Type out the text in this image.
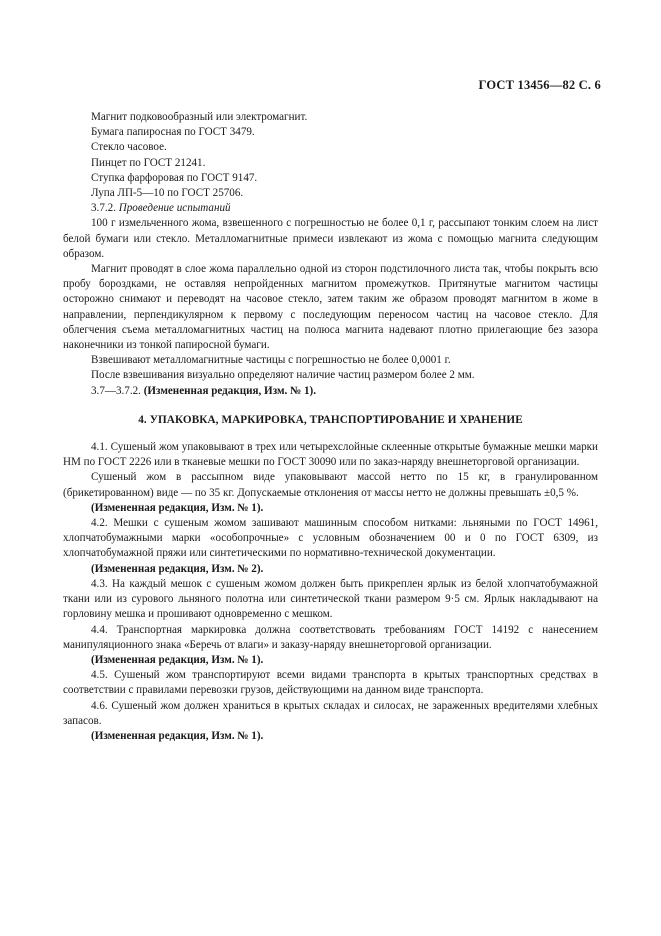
ГОСТ 13456—82 С. 6
Магнит подковообразный или электромагнит.
Бумага папиросная по ГОСТ 3479.
Стекло часовое.
Пинцет по ГОСТ 21241.
Ступка фарфоровая по ГОСТ 9147.
Лупа ЛП-5—10 по ГОСТ 25706.
3.7.2. Проведение испытаний

100 г измельченного жома, взвешенного с погрешностью не более 0,1 г, рассыпают тонким слоем на лист белой бумаги или стекло. Металломагнитные примеси извлекают из жома с помощью магнита следующим образом.

Магнит проводят в слое жома параллельно одной из сторон подстилочного листа так, чтобы покрыть всю пробу бороздками, не оставляя непройденных магнитом промежутков. Притянутые магнитом частицы осторожно снимают и переводят на часовое стекло, затем таким же образом проводят магнитом в жоме в направлении, перпендикулярном к первому с последующим переносом частиц на часовое стекло. Для облегчения съема металломагнитных частиц на полюса магнита надевают плотно прилегающие без зазора наконечники из тонкой папиросной бумаги.

Взвешивают металломагнитные частицы с погрешностью не более 0,0001 г.

После взвешивания визуально определяют наличие частиц размером более 2 мм.

3.7—3.7.2. (Измененная редакция, Изм. № 1).

4. УПАКОВКА, МАРКИРОВКА, ТРАНСПОРТИРОВАНИЕ И ХРАНЕНИЕ

4.1. Сушеный жом упаковывают в трех или четырехслойные склеенные открытые бумажные мешки марки НМ по ГОСТ 2226 или в тканевые мешки по ГОСТ 30090 или по заказ-наряду внешнеторговой организации.

Сушеный жом в рассыпном виде упаковывают массой нетто по 15 кг, в гранулированном (брикетированном) виде — по 35 кг. Допускаемые отклонения от массы нетто не должны превышать ±0,5 %.

(Измененная редакция, Изм. № 1).

4.2. Мешки с сушеным жомом зашивают машинным способом нитками: льняными по ГОСТ 14961, хлопчатобумажными марки «особопрочные» с условным обозначением 00 и 0 по ГОСТ 6309, из хлопчатобумажной пряжи или синтетическими по нормативно-технической документации.

(Измененная редакция, Изм. № 2).

4.3. На каждый мешок с сушеным жомом должен быть прикреплен ярлык из белой хлопчатобумажной ткани или из сурового льняного полотна или синтетической ткани размером 9·5 см. Ярлык накладывают на горловину мешка и прошивают одновременно с мешком.

4.4. Транспортная маркировка должна соответствовать требованиям ГОСТ 14192 с нанесением манипуляционного знака «Беречь от влаги» и заказу-наряду внешнеторговой организации.

(Измененная редакция, Изм. № 1).

4.5. Сушеный жом транспортируют всеми видами транспорта в крытых транспортных средствах в соответствии с правилами перевозки грузов, действующими на данном виде транспорта.

4.6. Сушеный жом должен храниться в крытых складах и силосах, не зараженных вредителями хлебных запасов.

(Измененная редакция, Изм. № 1).
